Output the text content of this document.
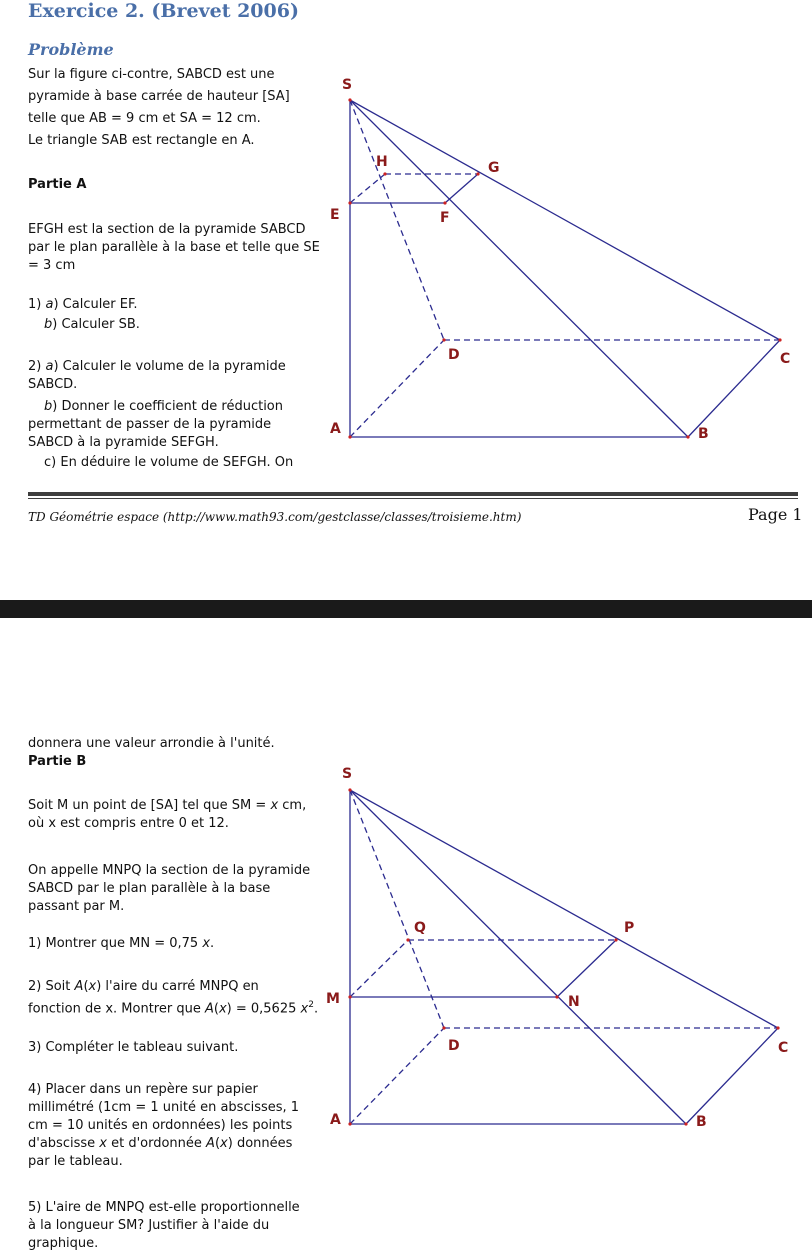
Exercice 2. (Brevet 2006)
Problème
Sur la figure ci-contre, SABCD est une
pyramide à base carrée de hauteur [SA]
telle que AB = 9 cm et SA = 12 cm.
Le triangle SAB est rectangle en A.
Partie A
EFGH est la section de la pyramide SABCD
par le plan parallèle à la base et telle que SE
= 3 cm
1) a) Calculer EF.
b) Calculer SB.
2) a) Calculer le volume de la pyramide
SABCD.
b) Donner le coefficient de réduction
permettant de passer de la pyramide
SABCD à la pyramide SEFGH.
c) En déduire le volume de SEFGH. On
S
H	G
E	F
D	C
A	B
TD Géométrie espace (http://www.math93.com/gestclasse/classes/troisieme.htm)	Page 1
donnera une valeur arrondie à l'unité.
Partie B
Soit M un point de [SA] tel que SM = x cm,
où x est compris entre 0 et 12.
On appelle MNPQ la section de la pyramide
SABCD par le plan parallèle à la base
passant par M.
1) Montrer que MN = 0,75 x.
2) Soit A(x) l'aire du carré MNPQ en
fonction de x. Montrer que A(x) = 0,5625 $x^2$.
3) Compléter le tableau suivant.
4) Placer dans un repère sur papier
millimétré (1cm = 1 unité en abscisses, 1
cm = 10 unités en ordonnées) les points
d'abscisse x et d'ordonnée A(x) données
par le tableau.
5) L'aire de MNPQ est-elle proportionnelle
à la longueur SM? Justifier à l'aide du
graphique.
S
Q	P
M	N
D	C
A	B
